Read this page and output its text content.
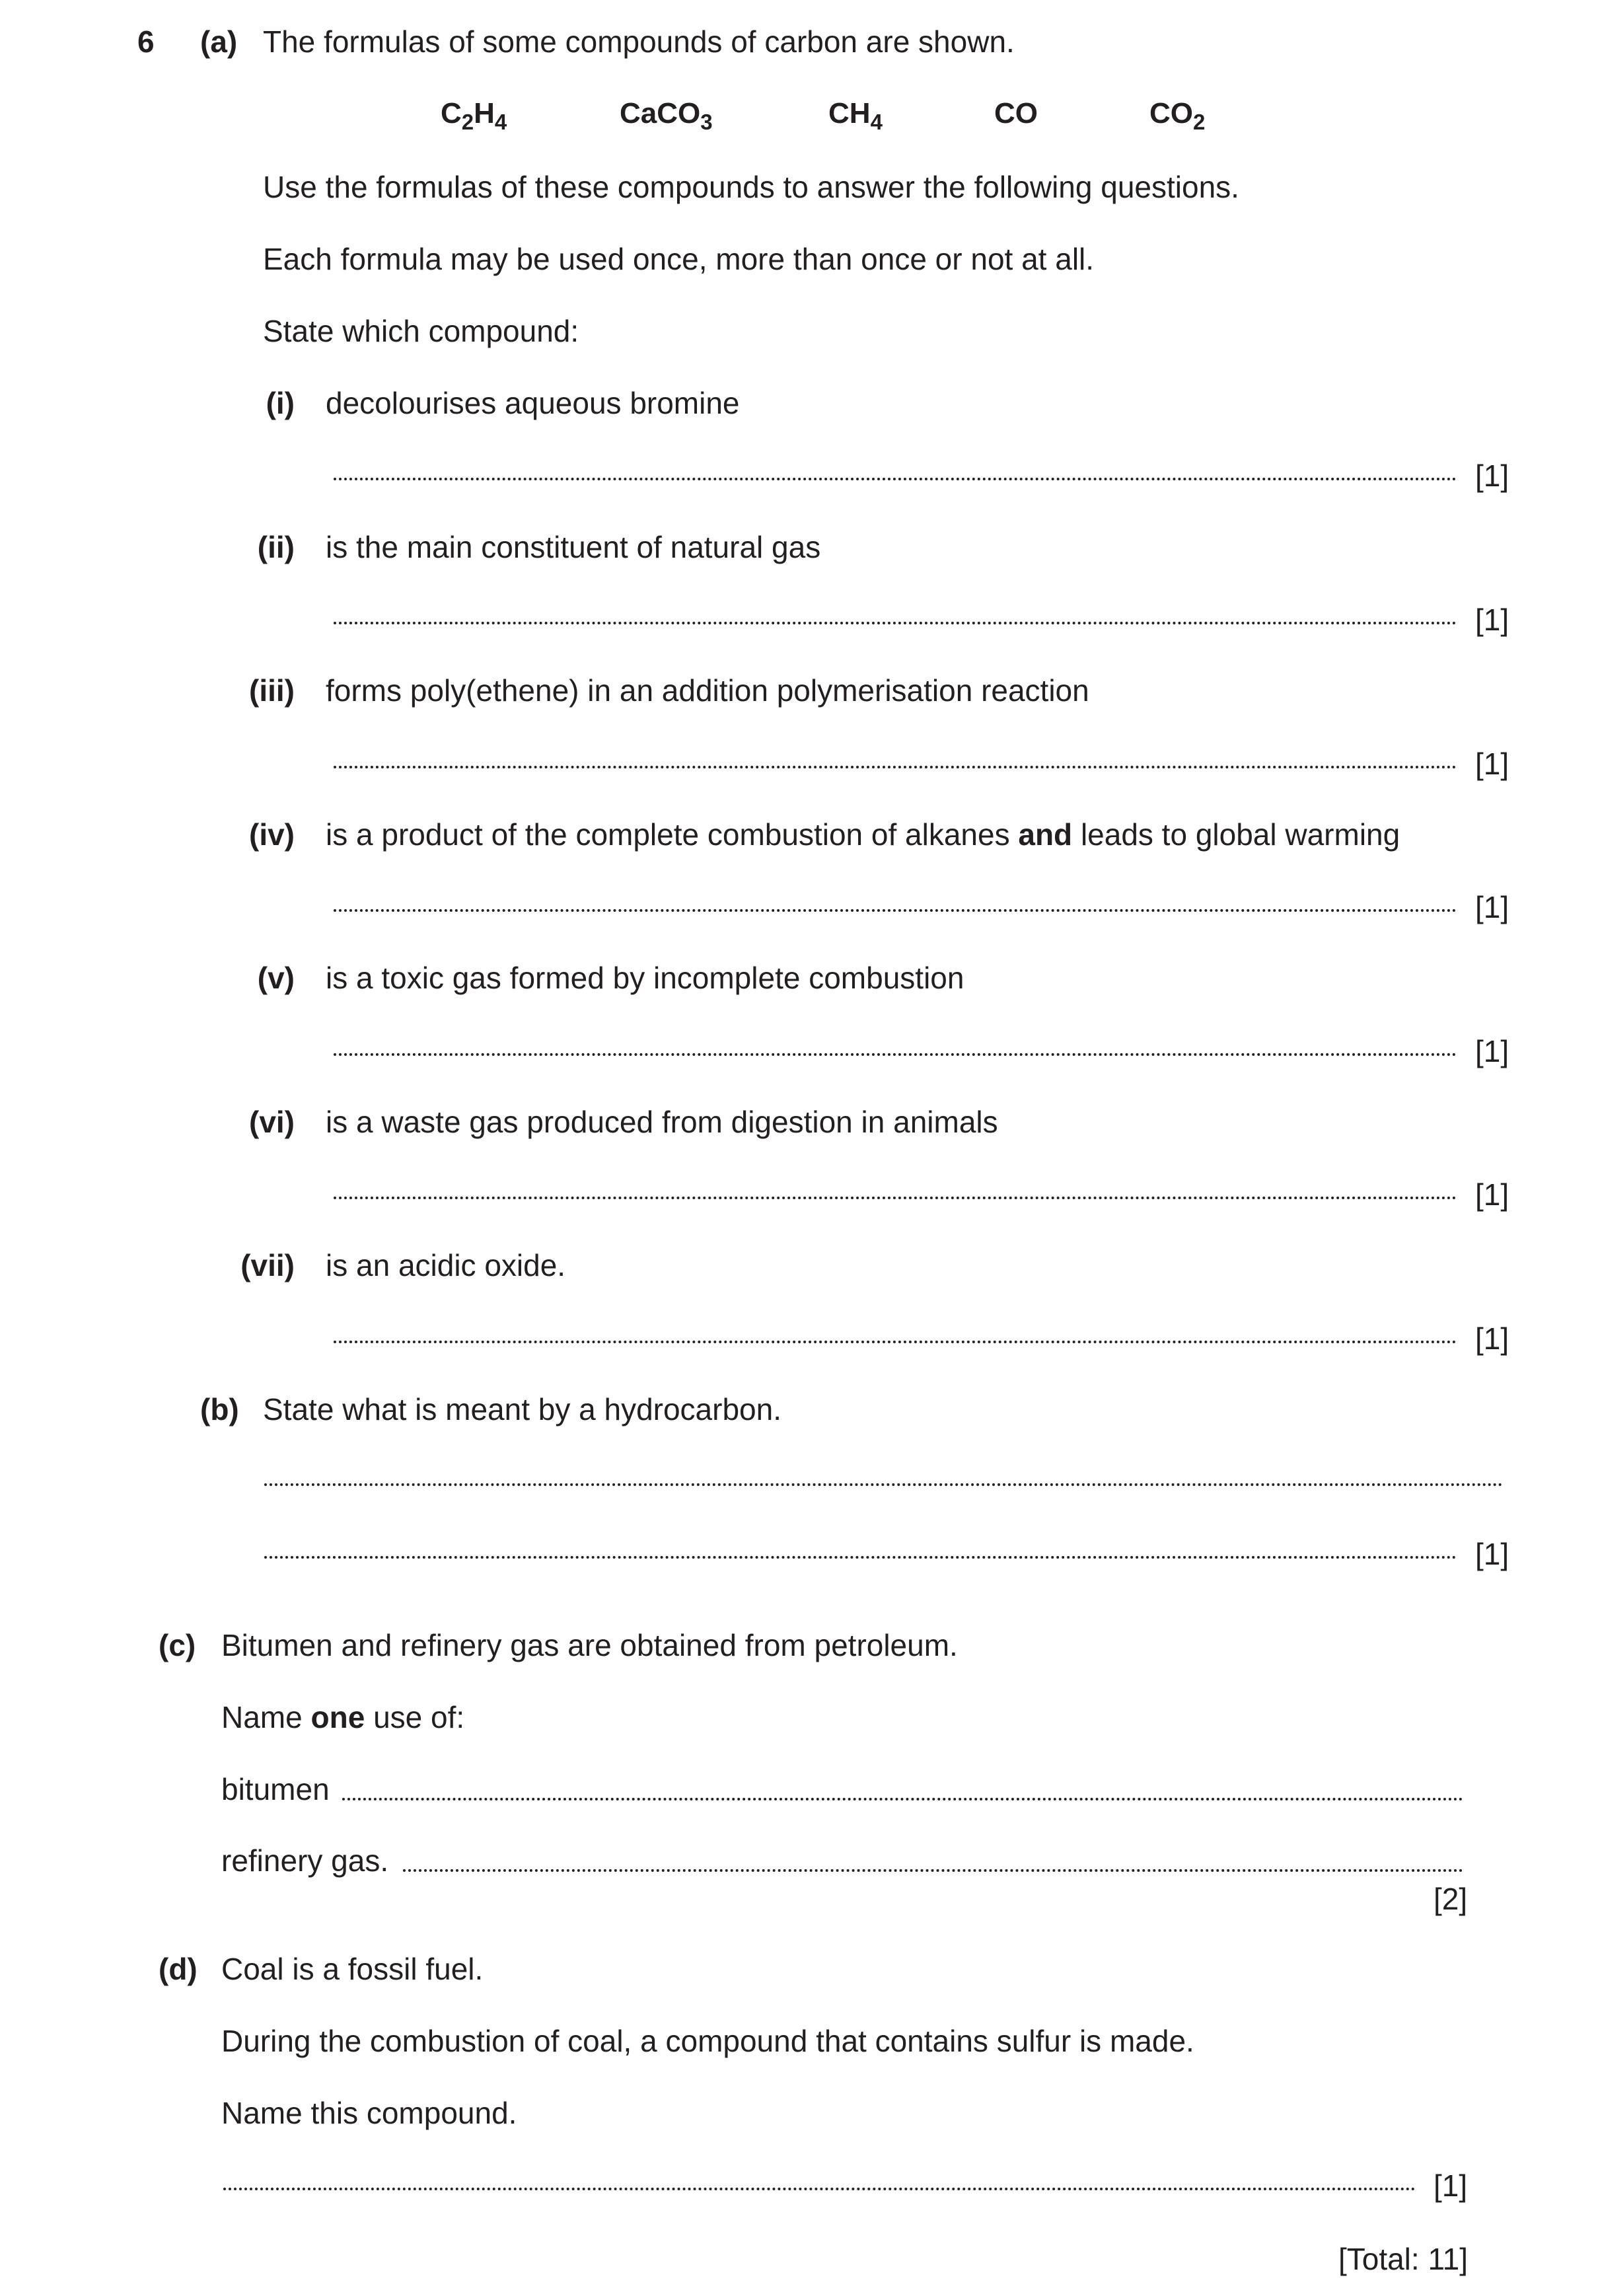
6 (a) The formulas of some compounds of carbon are shown.
$C_2H_4$	CaCO$_3$	$CH_4$	CO	$CO_2$
Use the formulas of these compounds to answer the following questions.
Each formula may be used once, more than once or not at all.
State which compound:
(i) decolourises aqueous bromine
[1]
(ii) is the main constituent of natural gas
[1]
(iii) forms poly(ethene) in an addition polymerisation reaction
[1]
(iv) is a product of the complete combustion of alkanes and leads to global warming
[1]
(v) is a toxic gas formed by incomplete combustion
[1]
(vi) is a waste gas produced from digestion in animals
[1]
(vii) is an acidic oxide.
[1]
(b) State what is meant by a hydrocarbon.
[1]
(c) Bitumen and refinery gas are obtained from petroleum.
Name one use of:
bitumen
refinery gas.
[2]
(d) Coal is a fossil fuel.
During the combustion of coal, a compound that contains sulfur is made.
Name this compound.
[1]
[Total: 11]
